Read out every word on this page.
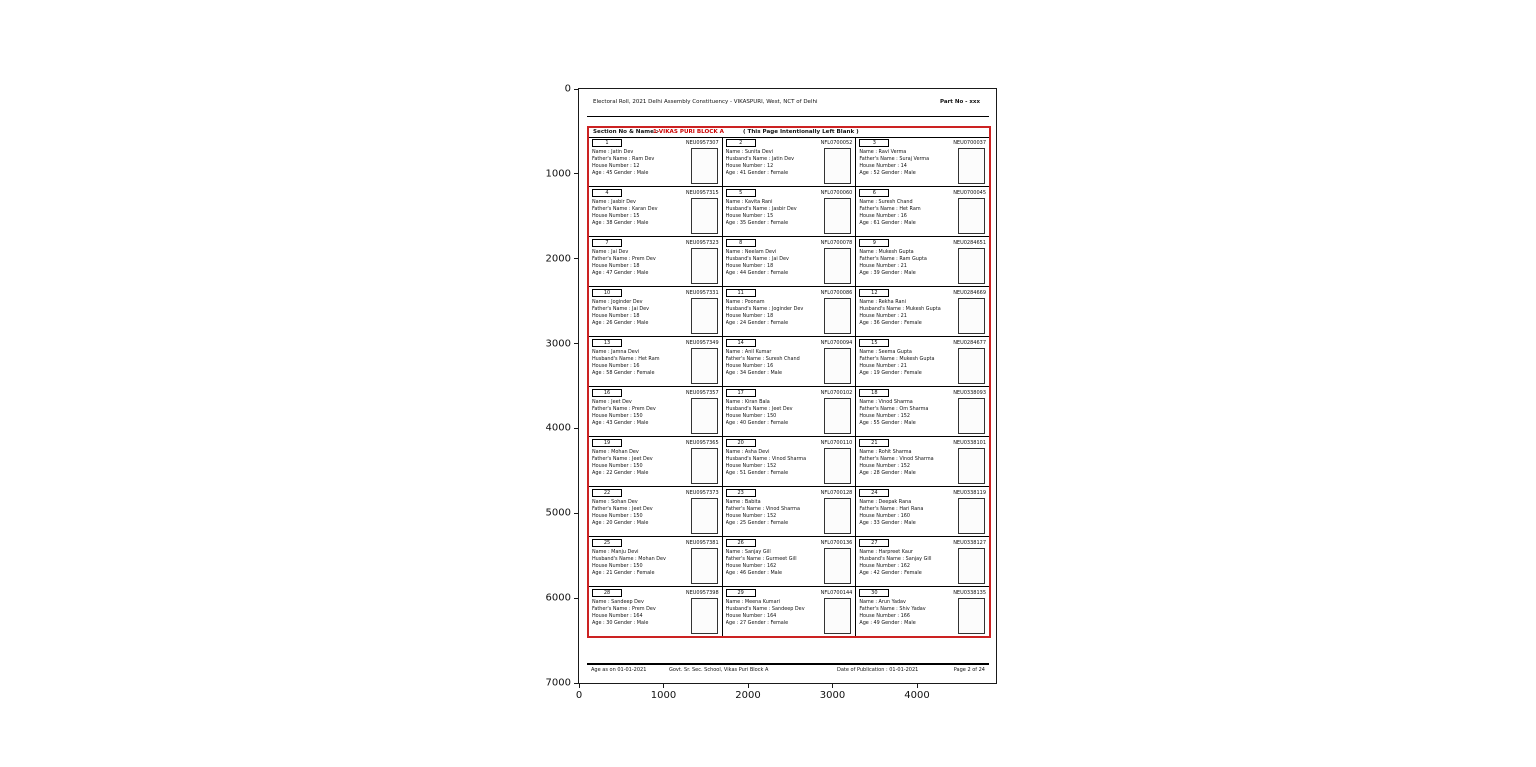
Electoral Roll, 2021 Delhi Assembly Constituency - VIKASPURI, West, NCT of Delhi	Part No - xxx
Section No & Name :
1-VIKAS PURI BLOCK A	( This Page Intentionally Left Blank )
1	NEU0957307
Name : Jatin Dev
Father's Name : Ram Dev
House Number : 12
Age : 45 Gender : Male
2	NFL0700052
Name : Sunita Devi
Husband's Name : Jatin Dev
House Number : 12
Age : 41 Gender : Female
3	NEU0700037
Name : Ravi Verma
Father's Name : Suraj Verma
House Number : 14
Age : 52 Gender : Male
4	NEU0957315
Name : Jasbir Dev
Father's Name : Karan Dev
House Number : 15
Age : 38 Gender : Male
5	NFL0700060
Name : Kavita Rani
Husband's Name : Jasbir Dev
House Number : 15
Age : 35 Gender : Female
6	NEU0700045
Name : Suresh Chand
Father's Name : Het Ram
House Number : 16
Age : 61 Gender : Male
7	NEU0957323
Name : Jai Dev
Father's Name : Prem Dev
House Number : 18
Age : 47 Gender : Male
8	NFL0700078
Name : Neelam Devi
Husband's Name : Jai Dev
House Number : 18
Age : 44 Gender : Female
9	NEU0284651
Name : Mukesh Gupta
Father's Name : Ram Gupta
House Number : 21
Age : 39 Gender : Male
10	NEU0957331
Name : Joginder Dev
Father's Name : Jai Dev
House Number : 18
Age : 26 Gender : Male
11	NFL0700086
Name : Poonam
Husband's Name : Joginder Dev
House Number : 18
Age : 24 Gender : Female
12	NEU0284669
Name : Rekha Rani
Husband's Name : Mukesh Gupta
House Number : 21
Age : 36 Gender : Female
13	NEU0957349
Name : Jamna Devi
Husband's Name : Het Ram
House Number : 16
Age : 58 Gender : Female
14	NFL0700094
Name : Anil Kumar
Father's Name : Suresh Chand
House Number : 16
Age : 34 Gender : Male
15	NEU0284677
Name : Seema Gupta
Father's Name : Mukesh Gupta
House Number : 21
Age : 19 Gender : Female
16	NEU0957357
Name : Jeet Dev
Father's Name : Prem Dev
House Number : 150
Age : 43 Gender : Male
17	NFL0700102
Name : Kiran Bala
Husband's Name : Jeet Dev
House Number : 150
Age : 40 Gender : Female
18	NEU0338093
Name : Vinod Sharma
Father's Name : Om Sharma
House Number : 152
Age : 55 Gender : Male
19	NEU0957365
Name : Mohan Dev
Father's Name : Jeet Dev
House Number : 150
Age : 22 Gender : Male
20	NFL0700110
Name : Asha Devi
Husband's Name : Vinod Sharma
House Number : 152
Age : 51 Gender : Female
21	NEU0338101
Name : Rohit Sharma
Father's Name : Vinod Sharma
House Number : 152
Age : 28 Gender : Male
22	NEU0957373
Name : Sohan Dev
Father's Name : Jeet Dev
House Number : 150
Age : 20 Gender : Male
23	NFL0700128
Name : Babita
Father's Name : Vinod Sharma
House Number : 152
Age : 25 Gender : Female
24	NEU0338119
Name : Deepak Rana
Father's Name : Hari Rana
House Number : 160
Age : 33 Gender : Male
25	NEU0957381
Name : Manju Devi
Husband's Name : Mohan Dev
House Number : 150
Age : 21 Gender : Female
26	NFL0700136
Name : Sanjay Gill
Father's Name : Gurmeet Gill
House Number : 162
Age : 46 Gender : Male
27	NEU0338127
Name : Harpreet Kaur
Husband's Name : Sanjay Gill
House Number : 162
Age : 42 Gender : Female
28	NEU0957398
Name : Sandeep Dev
Father's Name : Prem Dev
House Number : 164
Age : 30 Gender : Male
29	NFL0700144
Name : Meena Kumari
Husband's Name : Sandeep Dev
House Number : 164
Age : 27 Gender : Female
30	NEU0338135
Name : Arun Yadav
Father's Name : Shiv Yadav
House Number : 166
Age : 49 Gender : Male
Age as on 01-01-2021	Govt. Sr. Sec. School, Vikas Puri Block A	Date of Publication : 01-01-2021	Page 2 of 24
0
1000
2000
3000
4000
5000
6000
7000
0	1000	2000	3000	4000
